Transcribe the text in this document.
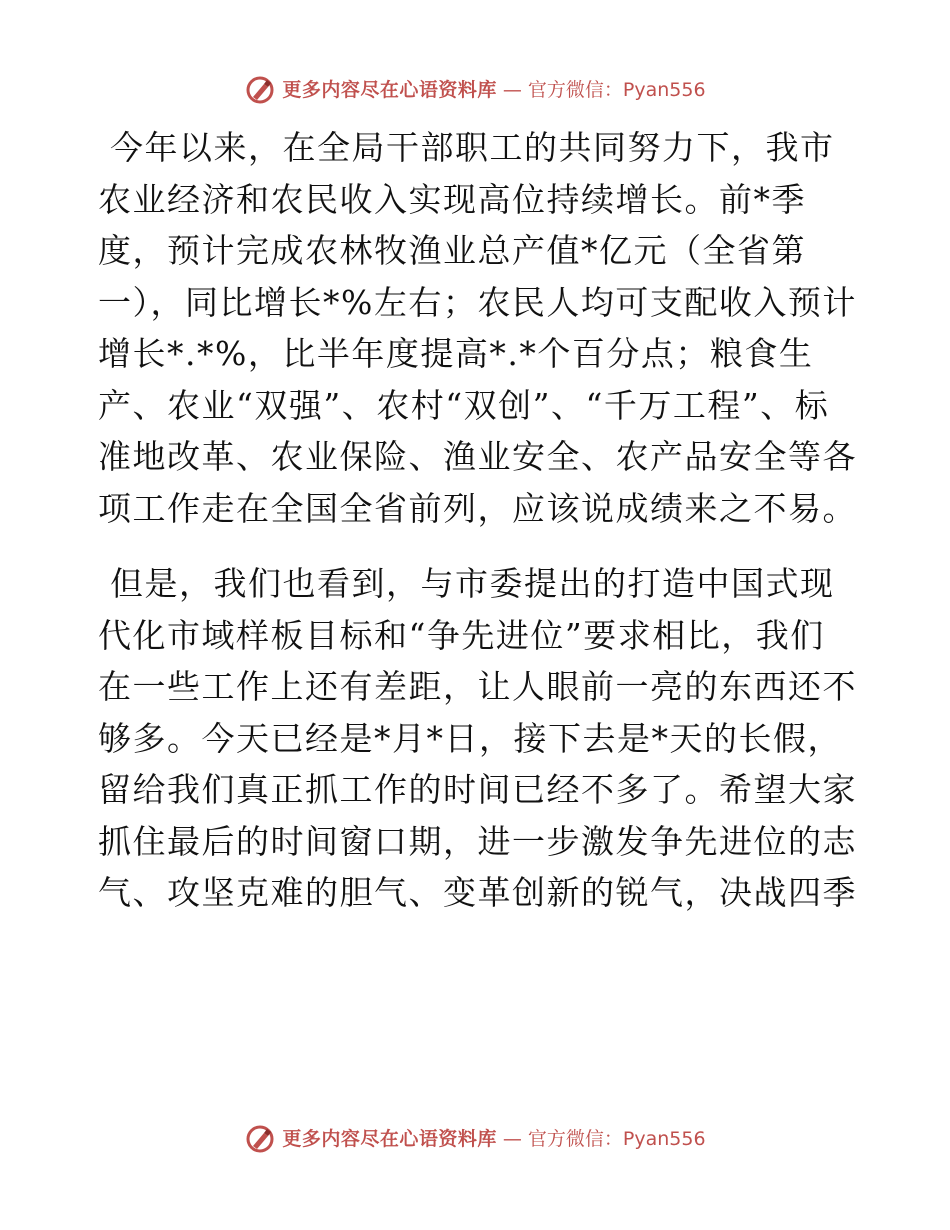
更多内容尽在心语资料库 — 官方微信：Pyan556

今年以来，在全局干部职工的共同努力下，我市农业经济和农民收入实现高位持续增长。前*季度，预计完成农林牧渔业总产值*亿元（全省第一），同比增长*%左右；农民人均可支配收入预计增长*.*%，比半年度提高*.*个百分点；粮食生产、农业“双强”、农村“双创”、“千万工程”、标准地改革、农业保险、渔业安全、农产品安全等各项工作走在全国全省前列，应该说成绩来之不易。

但是，我们也看到，与市委提出的打造中国式现代化市域样板目标和“争先进位”要求相比，我们在一些工作上还有差距，让人眼前一亮的东西还不够多。今天已经是*月*日，接下去是*天的长假，留给我们真正抓工作的时间已经不多了。希望大家抓住最后的时间窗口期，进一步激发争先进位的志气、攻坚克难的胆气、变革创新的锐气，决战四季

更多内容尽在心语资料库 — 官方微信：Pyan556
